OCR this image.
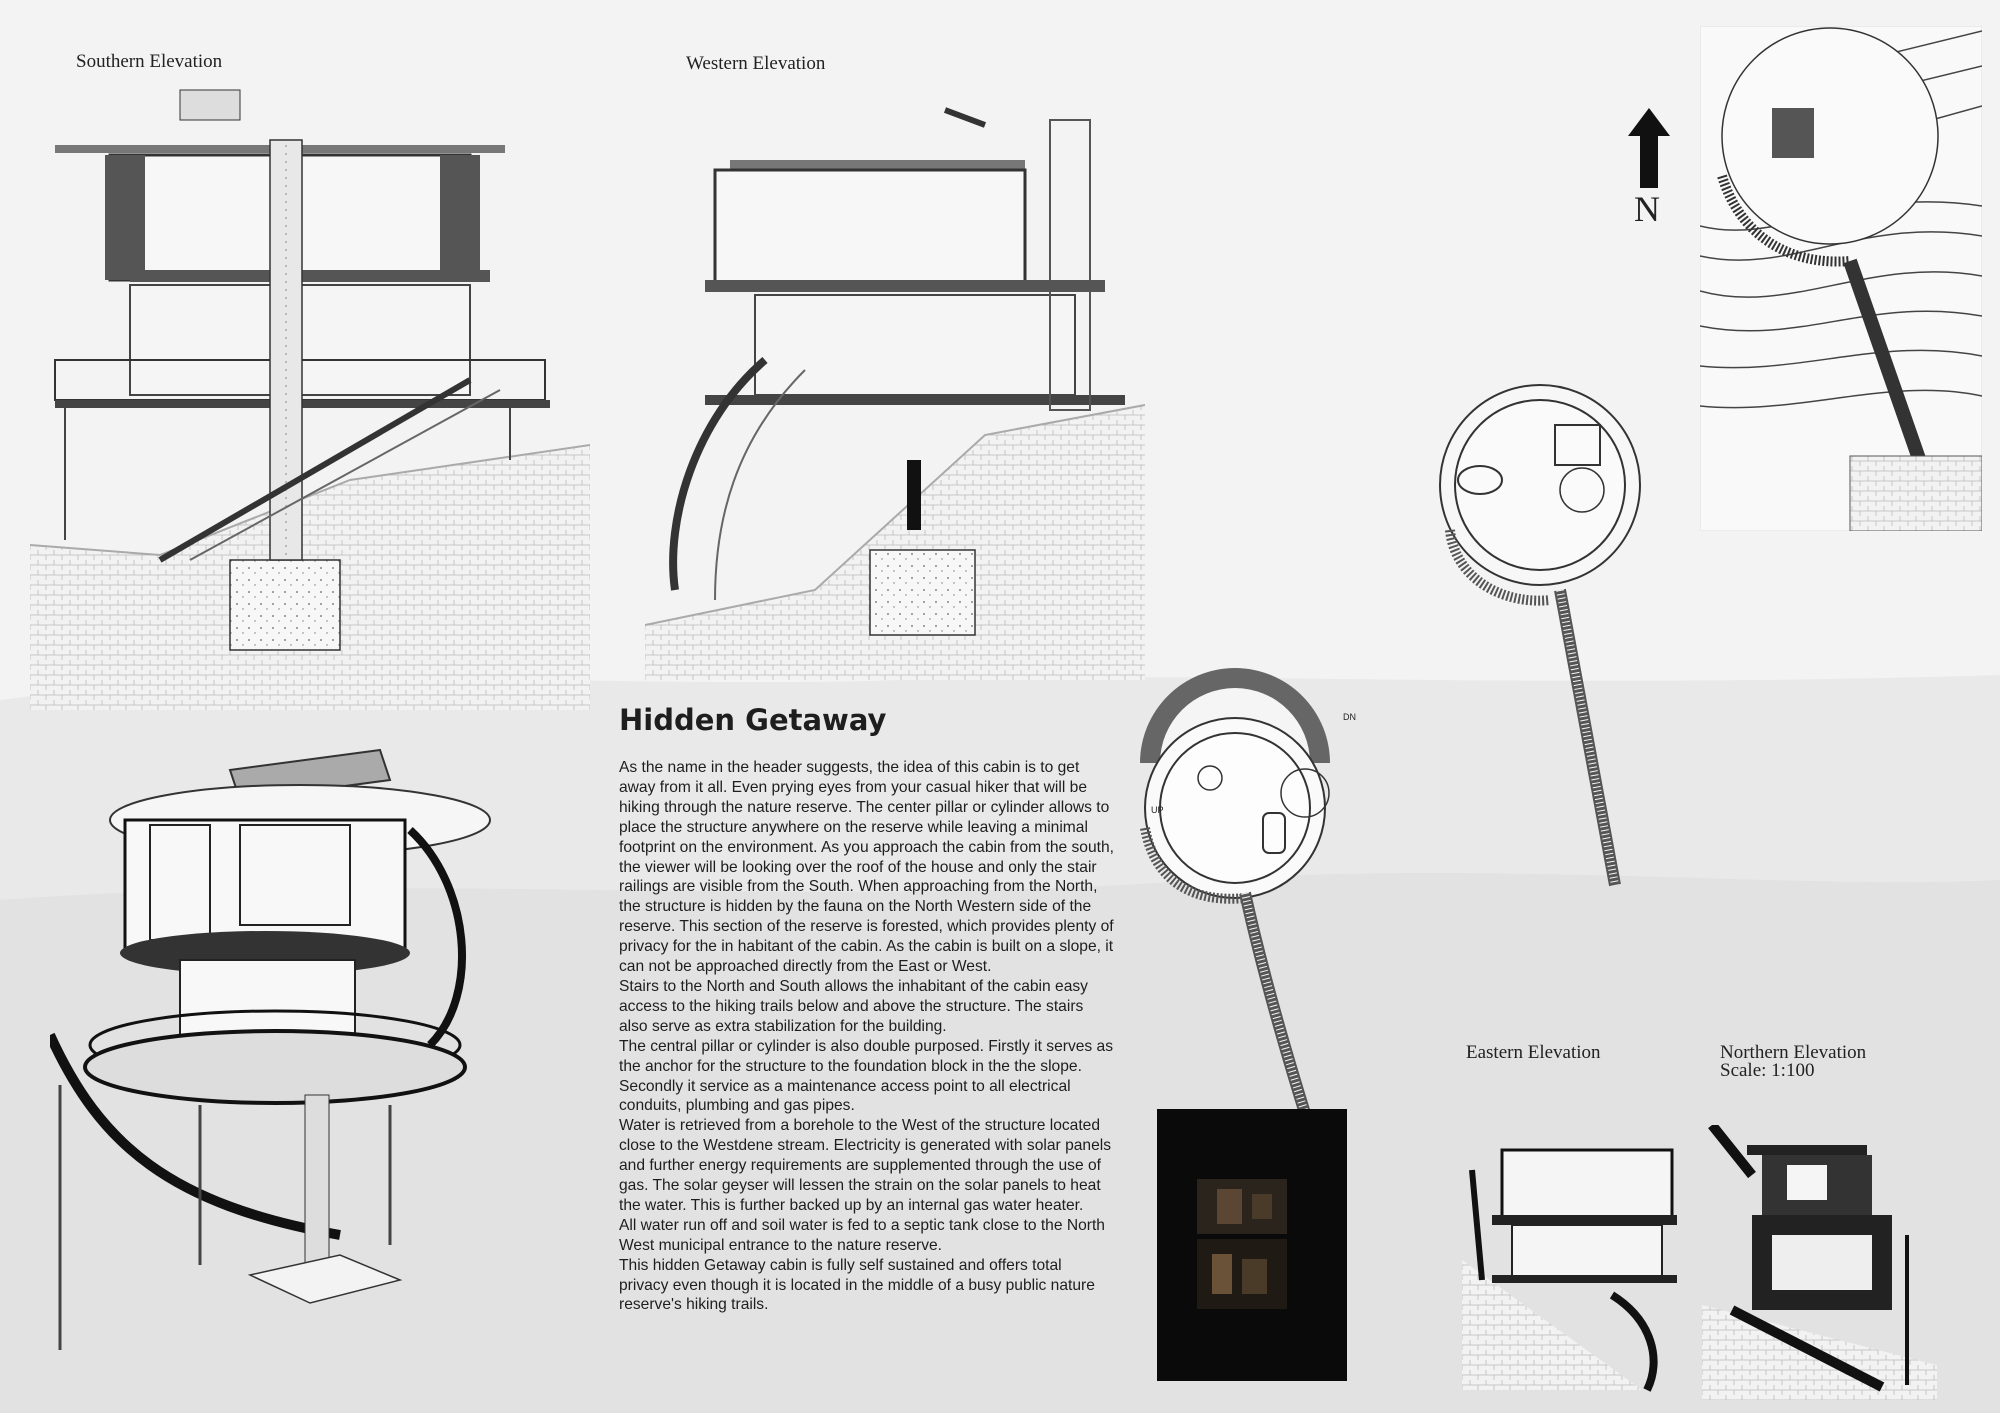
Southern Elevation	Western Elevation
Eastern Elevation	Northern Elevation
Scale: 1:100
N
Hidden Getaway

As the name in the header suggests, the idea of this cabin is to get away from it all. Even prying eyes from your casual hiker that will be hiking through the nature reserve. The center pillar or cylinder allows to place the structure anywhere on the reserve while leaving a minimal footprint on the environment. As you approach the cabin from the south, the viewer will be looking over the roof of the house and only the stair railings are visible from the South. When approaching from the North, the structure is hidden by the fauna on the North Western side of the reserve. This section of the reserve is forested, which provides plenty of privacy for the in habitant of the cabin. As the cabin is built on a slope, it can not be approached directly from the East or West.

Stairs to the North and South allows the inhabitant of the cabin easy access to the hiking trails below and above the structure. The stairs also serve as extra stabilization for the building.

The central pillar or cylinder is also double purposed. Firstly it serves as the anchor for the structure to the foundation block in the the slope. Secondly it service as a maintenance access point to all electrical conduits, plumbing and gas pipes.

Water is retrieved from a borehole to the West of the structure located close to the Westdene stream. Electricity is generated with solar panels and further energy requirements are supplemented through the use of gas. The solar geyser will lessen the strain on the solar panels to heat the water. This is further backed up by an internal gas water heater.

All water run off and soil water is fed to a septic tank close to the North West municipal entrance to the nature reserve.

This hidden Getaway cabin is fully self sustained and offers total privacy even though it is located in the middle of a busy public nature reserve's hiking trails.

UP
DN
